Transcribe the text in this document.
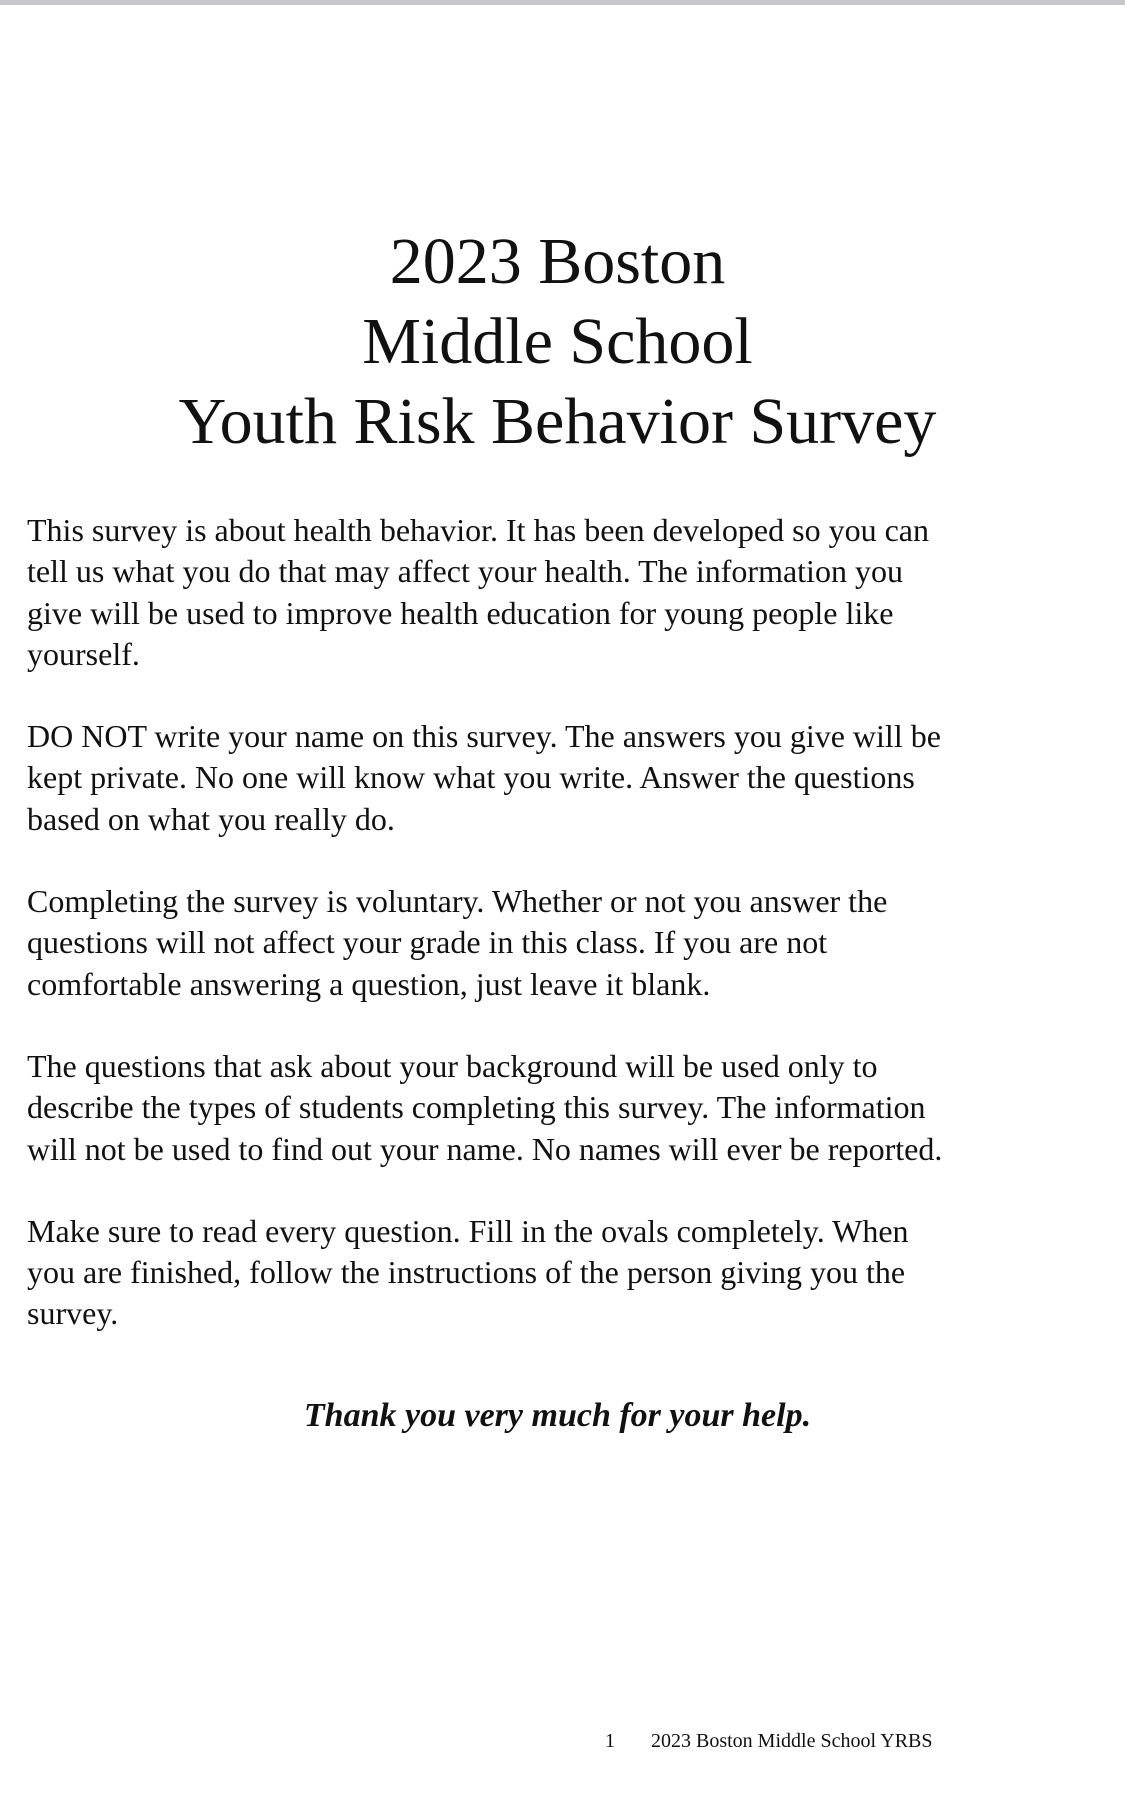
2023 Boston
Middle School
Youth Risk Behavior Survey

This survey is about health behavior. It has been developed so you can
tell us what you do that may affect your health. The information you
give will be used to improve health education for young people like
yourself.

DO NOT write your name on this survey. The answers you give will be
kept private. No one will know what you write. Answer the questions
based on what you really do.

Completing the survey is voluntary. Whether or not you answer the
questions will not affect your grade in this class. If you are not
comfortable answering a question, just leave it blank.

The questions that ask about your background will be used only to
describe the types of students completing this survey. The information
will not be used to find out your name. No names will ever be reported.

Make sure to read every question. Fill in the ovals completely. When
you are finished, follow the instructions of the person giving you the
survey.

Thank you very much for your help.
1 2023 Boston Middle School YRBS
